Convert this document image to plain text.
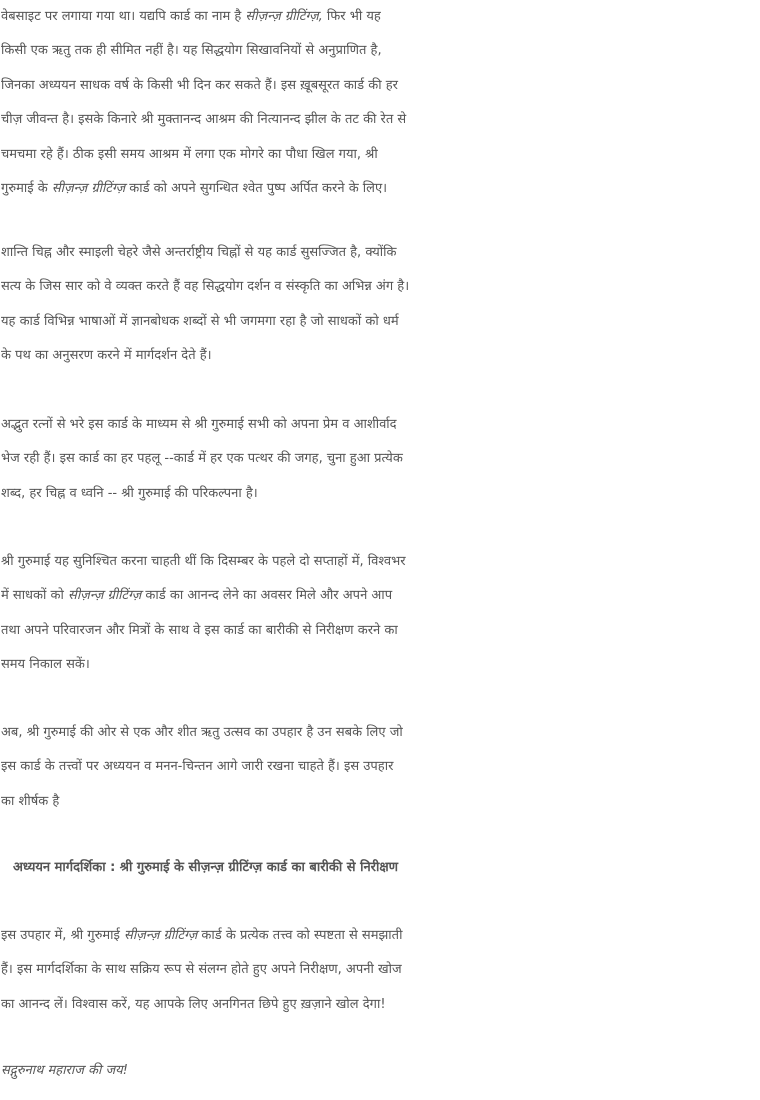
वेबसाइट पर लगाया गया था। यद्यपि कार्ड का नाम है सीज़न्ज़ ग्रीटिंग्ज़, फिर भी यह
किसी एक ऋतु तक ही सीमित नहीं है। यह सिद्धयोग सिखावनियों से अनुप्राणित है,
जिनका अध्ययन साधक वर्ष के किसी भी दिन कर सकते हैं। इस ख़ूबसूरत कार्ड की हर
चीज़ जीवन्त है। इसके किनारे श्री मुक्तानन्द आश्रम की नित्यानन्द झील के तट की रेत से
चमचमा रहे हैं। ठीक इसी समय आश्रम में लगा एक मोगरे का पौधा खिल गया, श्री
गुरुमाई के सीज़न्ज़ ग्रीटिंग्ज़ कार्ड को अपने सुगन्धित श्वेत पुष्प अर्पित करने के लिए।

शान्ति चिह्न और स्माइली चेहरे जैसे अन्तर्राष्ट्रीय चिह्नों से यह कार्ड सुसज्जित है, क्योंकि
सत्य के जिस सार को वे व्यक्त करते हैं वह सिद्धयोग दर्शन व संस्कृति का अभिन्न अंग है।
यह कार्ड विभिन्न भाषाओं में ज्ञानबोधक शब्दों से भी जगमगा रहा है जो साधकों को धर्म
के पथ का अनुसरण करने में मार्गदर्शन देते हैं।

अद्भुत रत्नों से भरे इस कार्ड के माध्यम से श्री गुरुमाई सभी को अपना प्रेम व आशीर्वाद
भेज रही हैं। इस कार्ड का हर पहलू --कार्ड में हर एक पत्थर की जगह, चुना हुआ प्रत्येक
शब्द, हर चिह्न व ध्वनि -- श्री गुरुमाई की परिकल्पना है।

श्री गुरुमाई यह सुनिश्चित करना चाहती थीं कि दिसम्बर के पहले दो सप्ताहों में, विश्वभर
में साधकों को सीज़न्ज़ ग्रीटिंग्ज़ कार्ड का आनन्द लेने का अवसर मिले और अपने आप
तथा अपने परिवारजन और मित्रों के साथ वे इस कार्ड का बारीकी से निरीक्षण करने का
समय निकाल सकें।

अब, श्री गुरुमाई की ओर से एक और शीत ऋतु उत्सव का उपहार है उन सबके लिए जो
इस कार्ड के तत्त्वों पर अध्ययन व मनन-चिन्तन आगे जारी रखना चाहते हैं। इस उपहार
का शीर्षक है

अध्ययन मार्गदर्शिका : श्री गुरुमाई के सीज़न्ज़ ग्रीटिंग्ज़ कार्ड का बारीकी से निरीक्षण

इस उपहार में, श्री गुरुमाई सीज़न्ज़ ग्रीटिंग्ज़ कार्ड के प्रत्येक तत्त्व को स्पष्टता से समझाती
हैं। इस मार्गदर्शिका के साथ सक्रिय रूप से संलग्न होते हुए अपने निरीक्षण, अपनी खोज
का आनन्द लें। विश्वास करें, यह आपके लिए अनगिनत छिपे हुए ख़ज़ाने खोल देगा!

सद्गुरुनाथ महाराज की जय!
